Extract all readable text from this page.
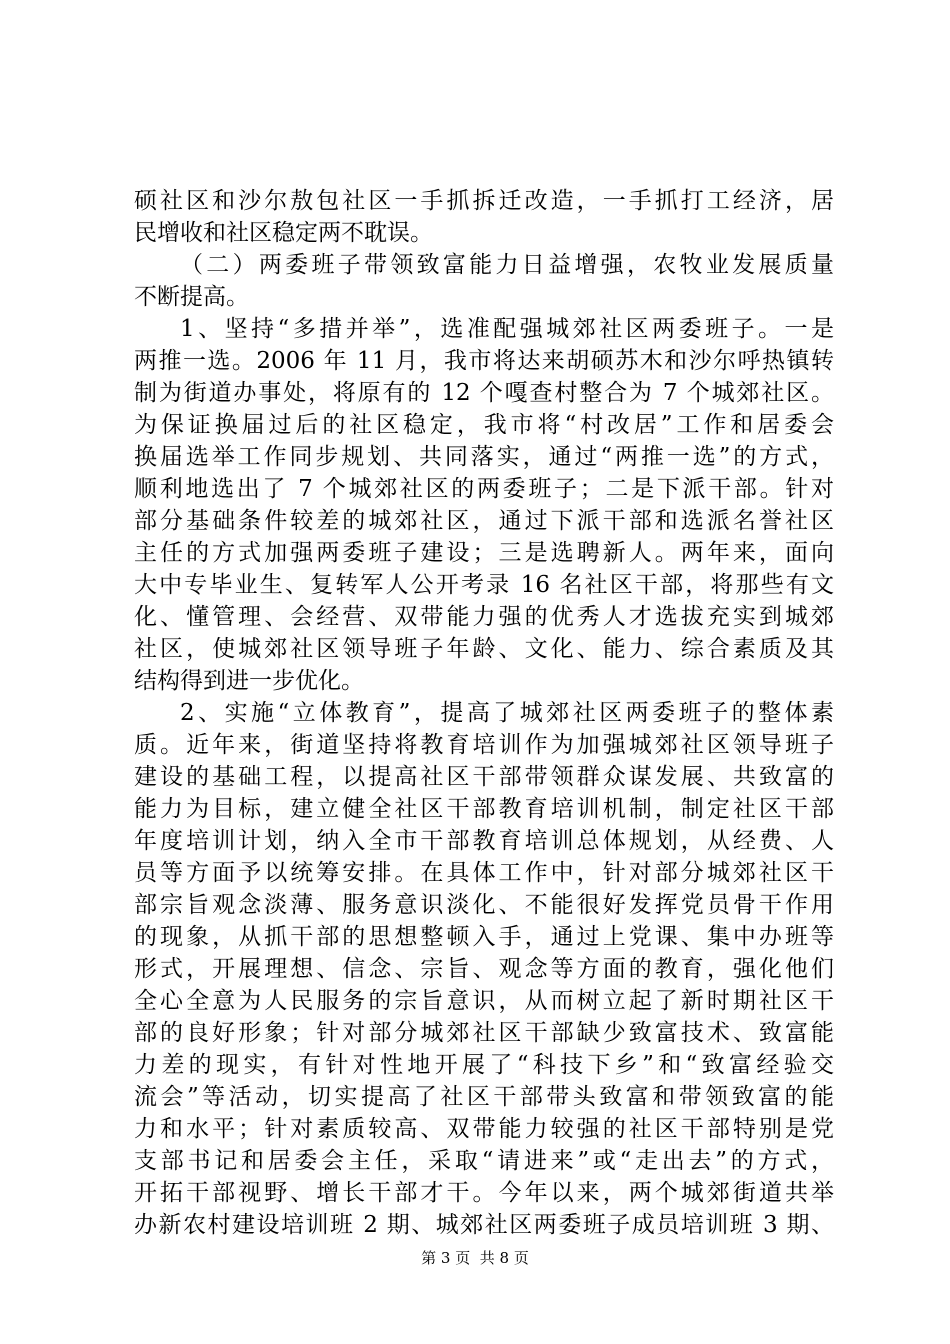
硕社区和沙尔敖包社区一手抓拆迁改造，一手抓打工经济，居
民增收和社区稳定两不耽误。
（二）两委班子带领致富能力日益增强，农牧业发展质量
不断提高。
1、坚持“多措并举”，选准配强城郊社区两委班子。一是
两推一选。2006 年 11 月，我市将达来胡硕苏木和沙尔呼热镇转
制为街道办事处，将原有的 12 个嘎查村整合为 7 个城郊社区。
为保证换届过后的社区稳定，我市将“村改居”工作和居委会
换届选举工作同步规划、共同落实，通过“两推一选”的方式，
顺利地选出了 7 个城郊社区的两委班子；二是下派干部。针对
部分基础条件较差的城郊社区，通过下派干部和选派名誉社区
主任的方式加强两委班子建设；三是选聘新人。两年来，面向
大中专毕业生、复转军人公开考录 16 名社区干部，将那些有文
化、懂管理、会经营、双带能力强的优秀人才选拔充实到城郊
社区，使城郊社区领导班子年龄、文化、能力、综合素质及其
结构得到进一步优化。
2、实施“立体教育”，提高了城郊社区两委班子的整体素
质。近年来，街道坚持将教育培训作为加强城郊社区领导班子
建设的基础工程，以提高社区干部带领群众谋发展、共致富的
能力为目标，建立健全社区干部教育培训机制，制定社区干部
年度培训计划，纳入全市干部教育培训总体规划，从经费、人
员等方面予以统筹安排。在具体工作中，针对部分城郊社区干
部宗旨观念淡薄、服务意识淡化、不能很好发挥党员骨干作用
的现象，从抓干部的思想整顿入手，通过上党课、集中办班等
形式，开展理想、信念、宗旨、观念等方面的教育，强化他们
全心全意为人民服务的宗旨意识，从而树立起了新时期社区干
部的良好形象；针对部分城郊社区干部缺少致富技术、致富能
力差的现实，有针对性地开展了“科技下乡”和“致富经验交
流会”等活动，切实提高了社区干部带头致富和带领致富的能
力和水平；针对素质较高、双带能力较强的社区干部特别是党
支部书记和居委会主任，采取“请进来”或“走出去”的方式，
开拓干部视野、增长干部才干。今年以来，两个城郊街道共举
办新农村建设培训班 2 期、城郊社区两委班子成员培训班 3 期、
第 3 页  共 8 页
